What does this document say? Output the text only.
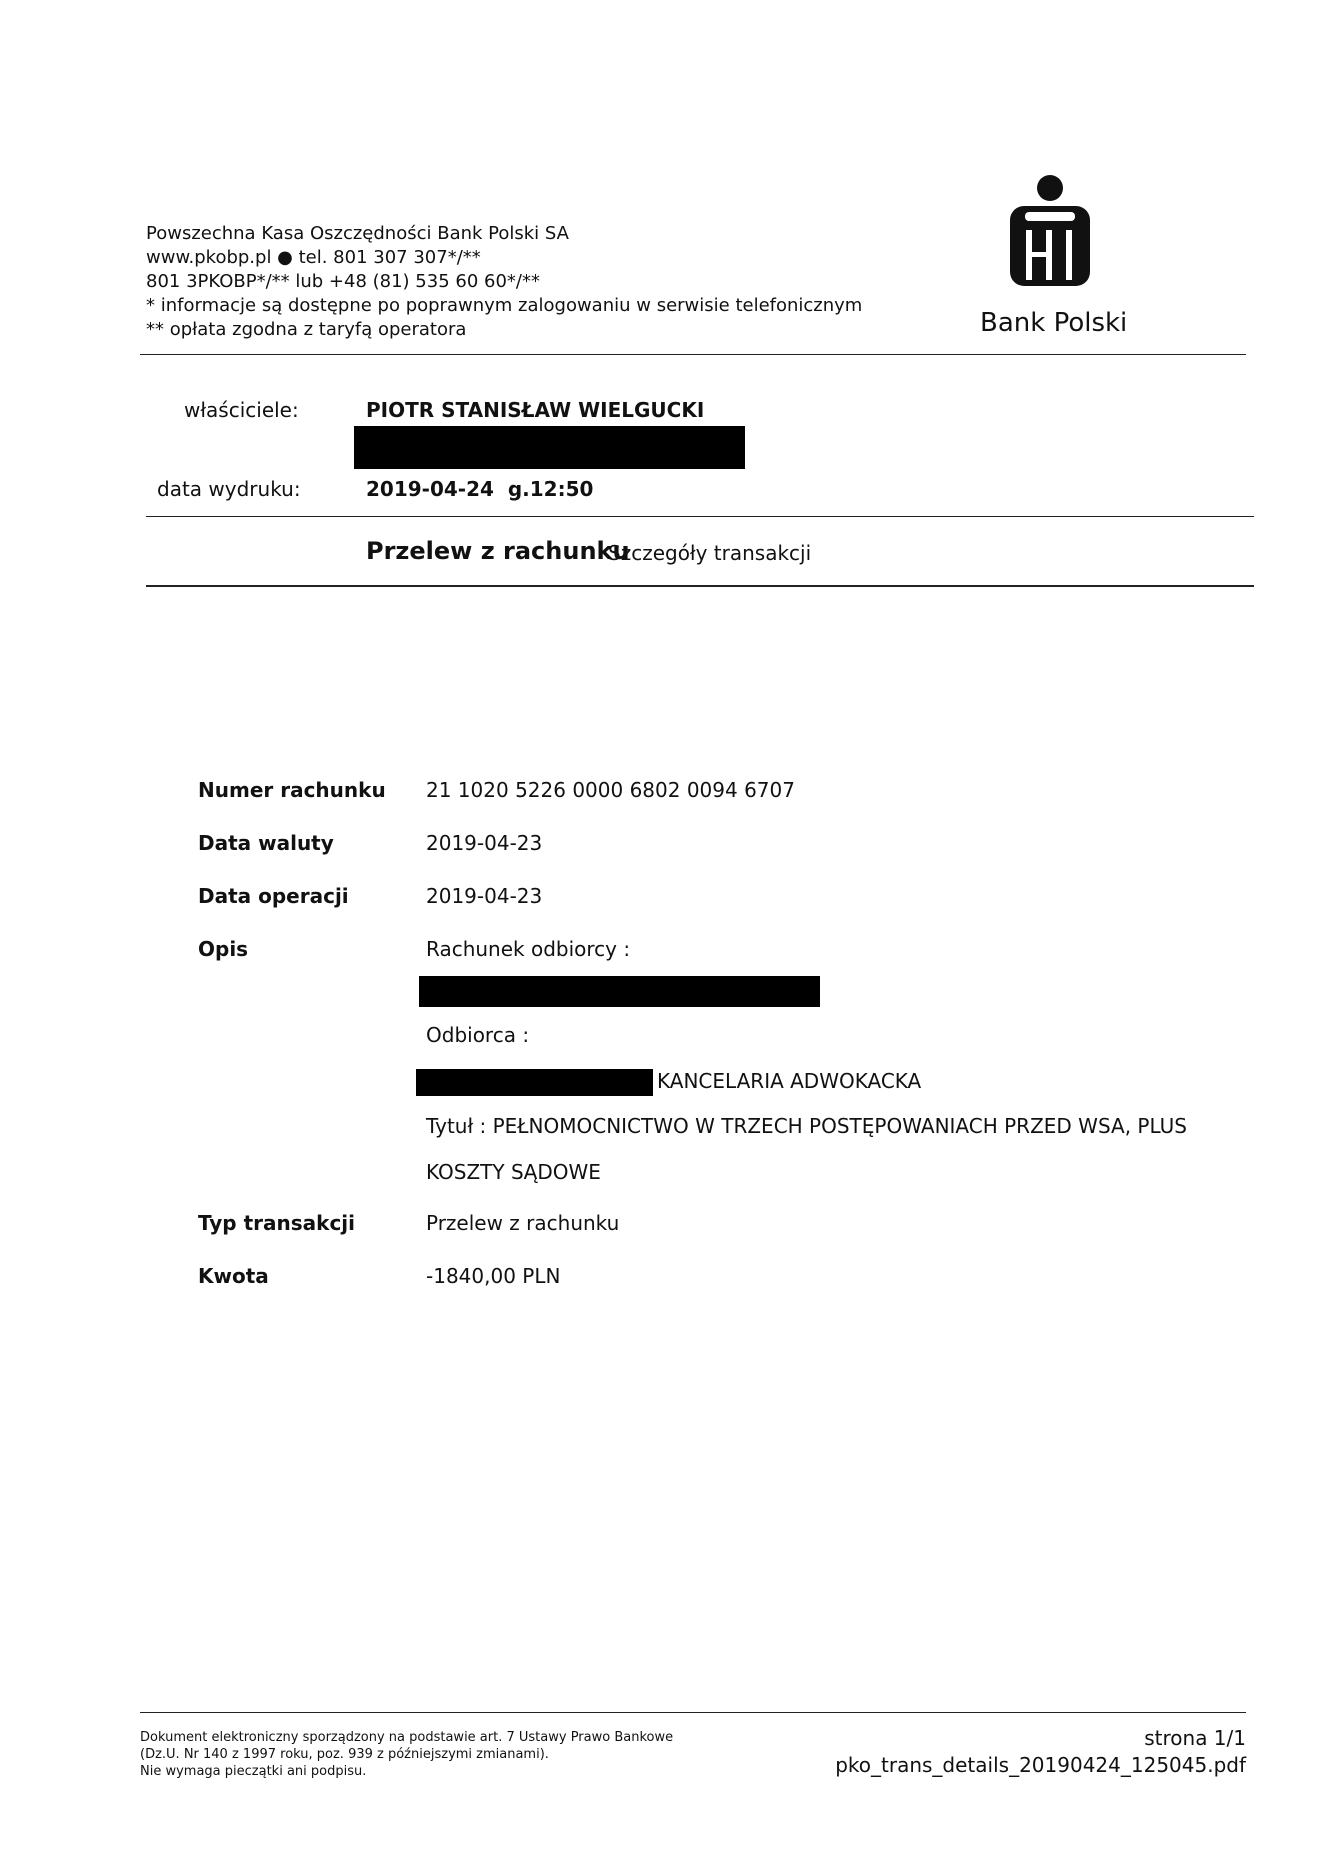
Powszechna Kasa Oszczędności Bank Polski SA
www.pkobp.pl ● tel. 801 307 307*/**
801 3PKOBP*/** lub +48 (81) 535 60 60*/**
* informacje są dostępne po poprawnym zalogowaniu w serwisie telefonicznym
** opłata zgodna z taryfą operatora	Bank Polski
właściciele:	PIOTR STANISŁAW WIELGUCKI
data wydruku:	2019-04-24  g.12:50
Przelew z rachunku
Szczegóły transakcji
Numer rachunku 21 1020 5226 0000 6802 0094 6707
Data waluty	2019-04-23
Data operacji	2019-04-23
Opis	Rachunek odbiorcy :
Odbiorca :
KANCELARIA ADWOKACKA
Tytuł : PEŁNOMOCNICTWO W TRZECH POSTĘPOWANIACH PRZED WSA, PLUS
KOSZTY SĄDOWE
Typ transakcji	Przelew z rachunku
Kwota	-1840,00 PLN
Dokument elektroniczny sporządzony na podstawie art. 7 Ustawy Prawo Bankowe
(Dz.U. Nr 140 z 1997 roku, poz. 939 z późniejszymi zmianami).
Nie wymaga pieczątki ani podpisu.
strona 1/1
pko_trans_details_20190424_125045.pdf
